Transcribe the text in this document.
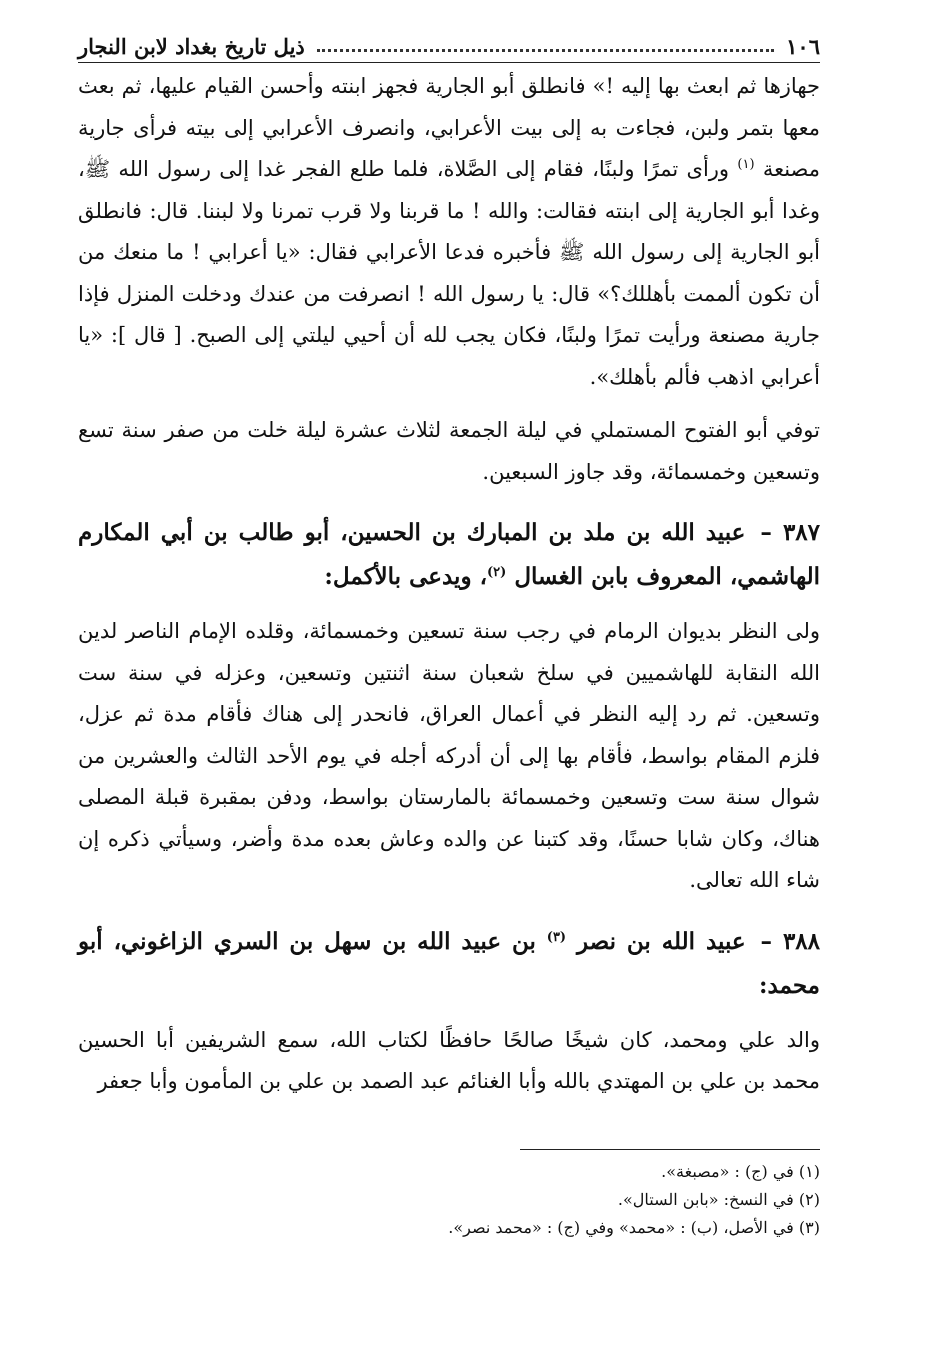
١٠٦
ذيل تاريخ بغداد لابن النجار

جهازها ثم ابعث بها إليه !» فانطلق أبو الجارية فجهز ابنته وأحسن القيام عليها، ثم بعث معها بتمر ولبن، فجاءت به إلى بيت الأعرابي، وانصرف الأعرابي إلى بيته فرأى جارية مصنعة $^{(١)}$ ورأى تمرًا ولبنًا، فقام إلى الصَّلاة، فلما طلع الفجر غدا إلى رسول الله ﷺ، وغدا أبو الجارية إلى ابنته فقالت: والله ! ما قربنا ولا قرب تمرنا ولا لبننا. قال: فانطلق أبو الجارية إلى رسول الله ﷺ فأخبره فدعا الأعرابي فقال: «يا أعرابي ! ما منعك من أن تكون ألممت بأهللك؟» قال: يا رسول الله ! انصرفت من عندك ودخلت المنزل فإذا جارية مصنعة ورأيت تمرًا ولبنًا، فكان يجب لله أن أحيي ليلتي إلى الصبح. [ قال ]: «يا أعرابي اذهب فألم بأهلك».

توفي أبو الفتوح المستملي في ليلة الجمعة لثلاث عشرة ليلة خلت من صفر سنة تسع وتسعين وخمسمائة، وقد جاوز السبعين.

٣٨٧ – عبيد الله بن ملد بن المبارك بن الحسين، أبو طالب بن أبي المكارم الهاشمي، المعروف بابن الغسال $^{(٢)}$، ويدعى بالأكمل:

ولى النظر بديوان الرمام في رجب سنة تسعين وخمسمائة، وقلده الإمام الناصر لدين الله النقابة للهاشميين في سلخ شعبان سنة اثنتين وتسعين، وعزله في سنة ست وتسعين. ثم رد إليه النظر في أعمال العراق، فانحدر إلى هناك فأقام مدة ثم عزل، فلزم المقام بواسط، فأقام بها إلى أن أدركه أجله في يوم الأحد الثالث والعشرين من شوال سنة ست وتسعين وخمسمائة بالمارستان بواسط، ودفن بمقبرة قبلة المصلى هناك، وكان شابا حسنًا، وقد كتبنا عن والده وعاش بعده مدة وأضر، وسيأتي ذكره إن شاء الله تعالى.

٣٨٨ – عبيد الله بن نصر $^{(٣)}$ بن عبيد الله بن سهل بن السري الزاغوني، أبو محمد:

والد علي ومحمد، كان شيخًا صالحًا حافظًا لكتاب الله، سمع الشريفين أبا الحسين محمد بن علي بن المهتدي بالله وأبا الغنائم عبد الصمد بن علي بن المأمون وأبا جعفر

(١) في (ج) : «مصبغة».
(٢) في النسخ: «بابن الستال».
(٣) في الأصل، (ب) : «محمد» وفي (ج) : «محمد نصر».
